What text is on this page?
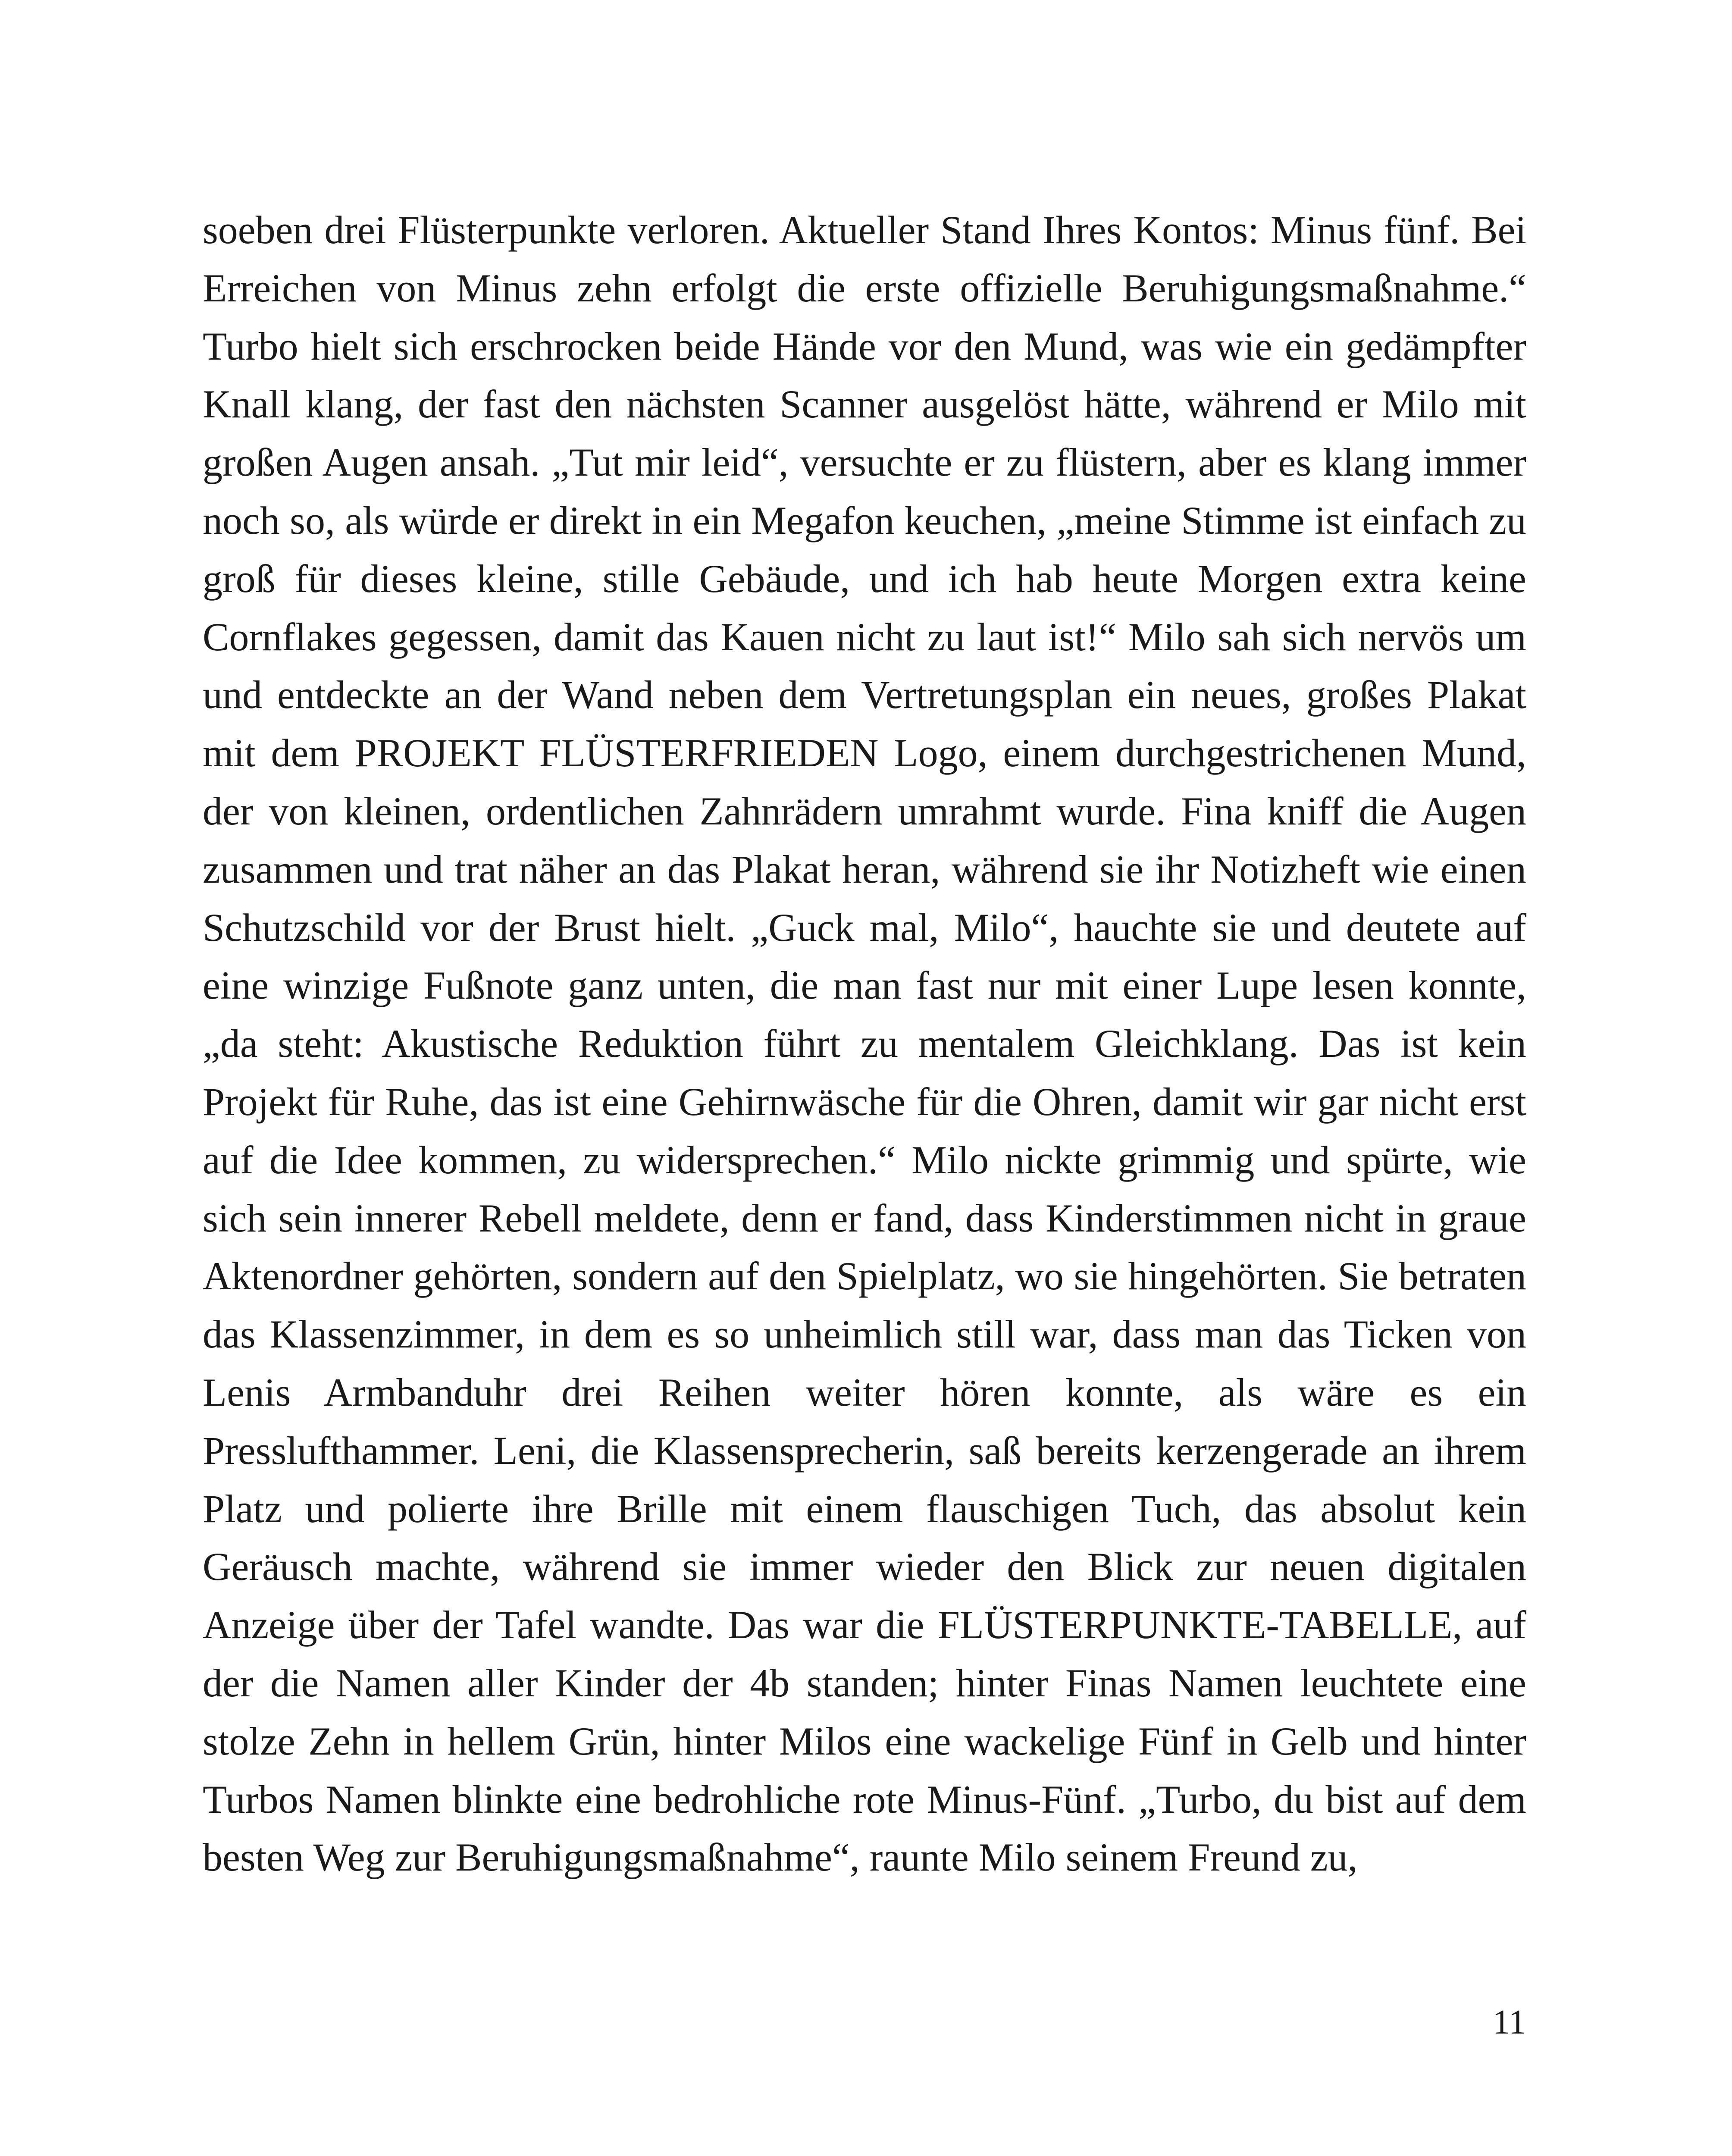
soeben drei Flüsterpunkte verloren. Aktueller Stand Ihres Kontos: Minus fünf. Bei Erreichen von Minus zehn erfolgt die erste offizielle Beruhigungsmaßnahme.“ Turbo hielt sich erschrocken beide Hände vor den Mund, was wie ein gedämpfter Knall klang, der fast den nächsten Scanner ausgelöst hätte, während er Milo mit großen Augen ansah. „Tut mir leid“, versuchte er zu flüstern, aber es klang immer noch so, als würde er direkt in ein Megafon keuchen, „meine Stimme ist einfach zu groß für dieses kleine, stille Gebäude, und ich hab heute Morgen extra keine Cornflakes gegessen, damit das Kauen nicht zu laut ist!“ Milo sah sich nervös um und entdeckte an der Wand neben dem Vertretungsplan ein neues, großes Plakat mit dem PROJEKT FLÜSTERFRIEDEN Logo, einem durchgestrichenen Mund, der von kleinen, ordentlichen Zahnrädern umrahmt wurde. Fina kniff die Augen zusammen und trat näher an das Plakat heran, während sie ihr Notizheft wie einen Schutzschild vor der Brust hielt. „Guck mal, Milo“, hauchte sie und deutete auf eine winzige Fußnote ganz unten, die man fast nur mit einer Lupe lesen konnte, „da steht: Akustische Reduktion führt zu mentalem Gleichklang. Das ist kein Projekt für Ruhe, das ist eine Gehirnwäsche für die Ohren, damit wir gar nicht erst auf die Idee kommen, zu widersprechen.“ Milo nickte grimmig und spürte, wie sich sein innerer Rebell meldete, denn er fand, dass Kinderstimmen nicht in graue Aktenordner gehörten, sondern auf den Spielplatz, wo sie hingehörten. Sie betraten das Klassenzimmer, in dem es so unheimlich still war, dass man das Ticken von Lenis Armbanduhr drei Reihen weiter hören konnte, als wäre es ein Presslufthammer. Leni, die Klassensprecherin, saß bereits kerzengerade an ihrem Platz und polierte ihre Brille mit einem flauschigen Tuch, das absolut kein Geräusch machte, während sie immer wieder den Blick zur neuen digitalen Anzeige über der Tafel wandte. Das war die FLÜSTERPUNKTE-TABELLE, auf der die Namen aller Kinder der 4b standen; hinter Finas Namen leuchtete eine stolze Zehn in hellem Grün, hinter Milos eine wackelige Fünf in Gelb und hinter Turbos Namen blinkte eine bedrohliche rote Minus-Fünf. „Turbo, du bist auf dem besten Weg zur Beruhigungsmaßnahme“, raunte Milo seinem Freund zu,

11
